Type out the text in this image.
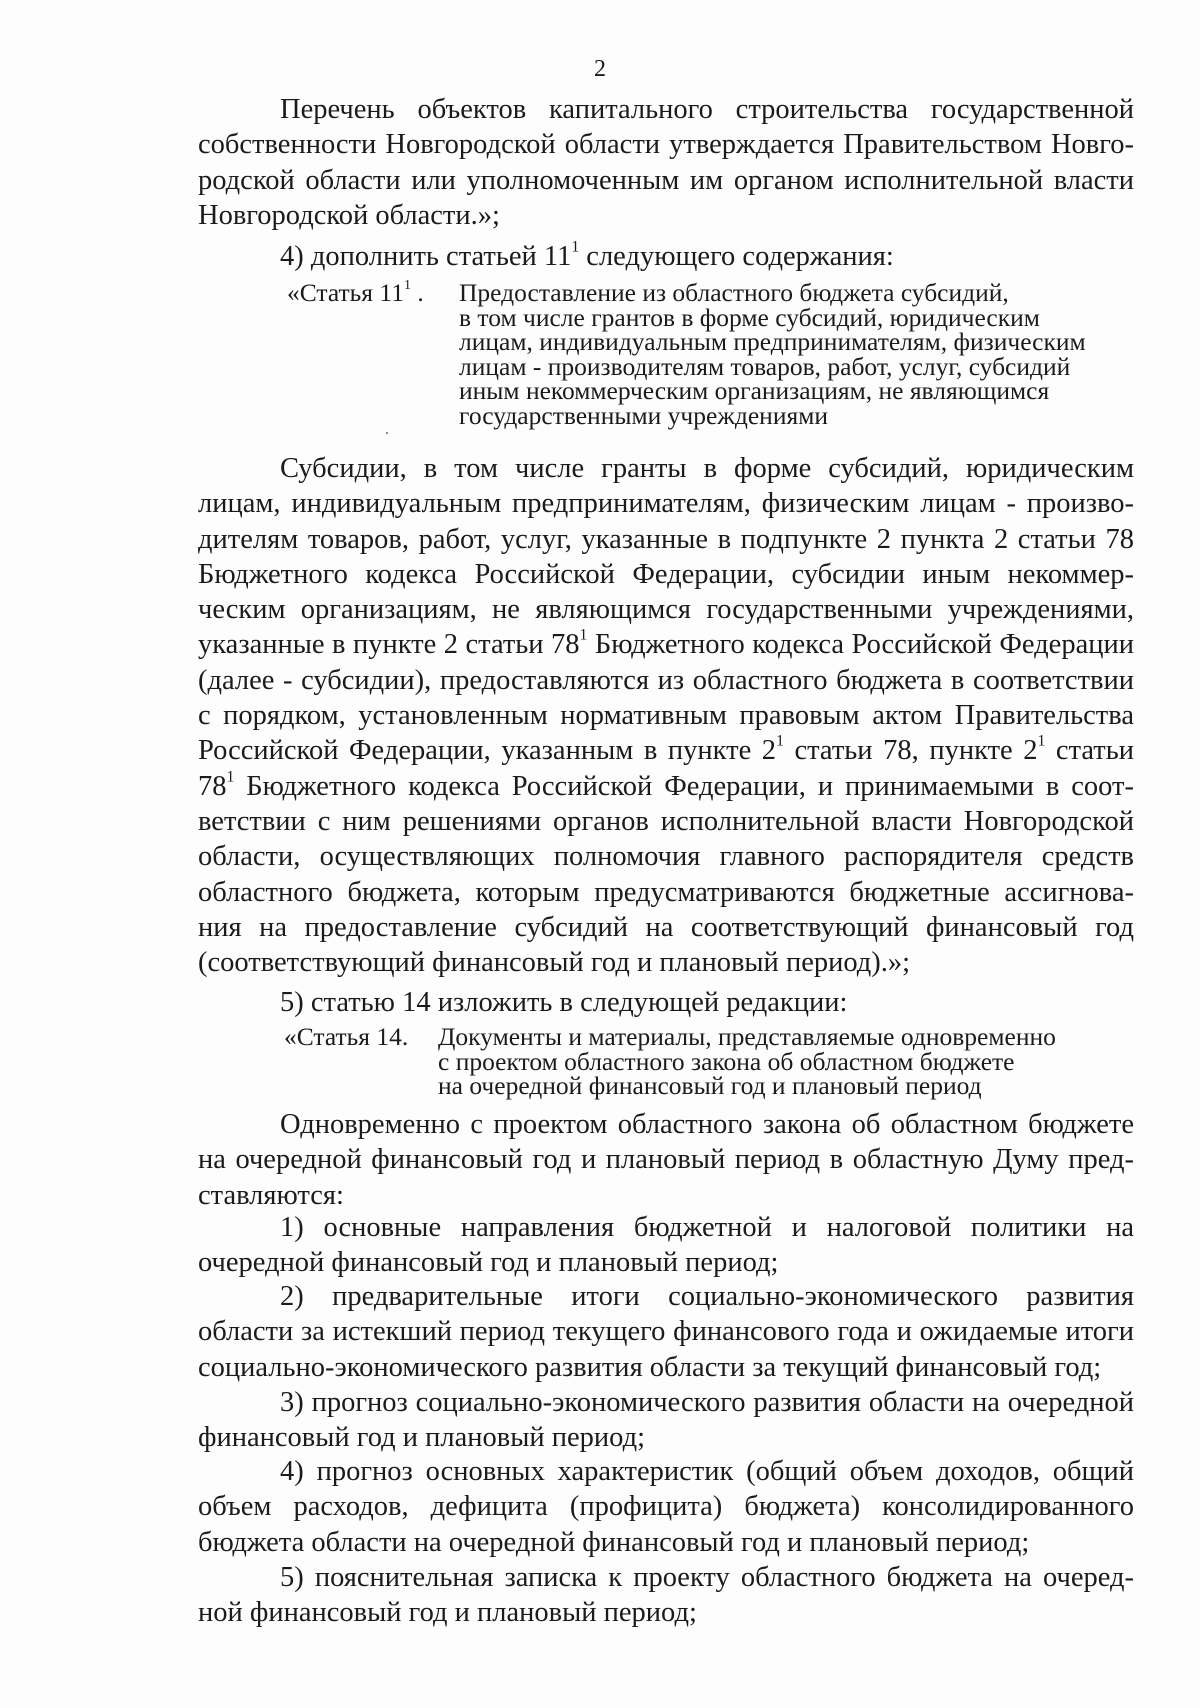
2

Перечень объектов капитального строительства государственной
собственности Новгородской области утверждается Правительством Новго-
родской области или уполномоченным им органом исполнительной власти
Новгородской области.»;

4) дополнить статьей $11^1$ следующего содержания:

«Статья $11^1$ . Предоставление из областного бюджета субсидий,
в том числе грантов в форме субсидий, юридическим
лицам, индивидуальным предпринимателям, физическим
лицам - производителям товаров, работ, услуг, субсидий
иным некоммерческим организациям, не являющимся
государственными учреждениями

Субсидии, в том числе гранты в форме субсидий, юридическим
лицам, индивидуальным предпринимателям, физическим лицам - произво-
дителям товаров, работ, услуг, указанные в подпункте 2 пункта 2 статьи 78
Бюджетного кодекса Российской Федерации, субсидии иным некоммер-
ческим организациям, не являющимся государственными учреждениями,
указанные в пункте 2 статьи $78^1$ Бюджетного кодекса Российской Федерации
(далее - субсидии), предоставляются из областного бюджета в соответствии
с порядком, установленным нормативным правовым актом Правительства
Российской Федерации, указанным в пункте $2^1$ статьи 78, пункте $2^1$ статьи
$78^1$ Бюджетного кодекса Российской Федерации, и принимаемыми в соот-
ветствии с ним решениями органов исполнительной власти Новгородской
области, осуществляющих полномочия главного распорядителя средств
областного бюджета, которым предусматриваются бюджетные ассигнова-
ния на предоставление субсидий на соответствующий финансовый год
(соответствующий финансовый год и плановый период).»;

5) статью 14 изложить в следующей редакции:

«Статья 14. Документы и материалы, представляемые одновременно
с проектом областного закона об областном бюджете
на очередной финансовый год и плановый период

Одновременно с проектом областного закона об областном бюджете
на очередной финансовый год и плановый период в областную Думу пред-
ставляются:

1) основные направления бюджетной и налоговой политики на
очередной финансовый год и плановый период;

2) предварительные итоги социально-экономического развития
области за истекший период текущего финансового года и ожидаемые итоги
социально-экономического развития области за текущий финансовый год;

3) прогноз социально-экономического развития области на очередной
финансовый год и плановый период;

4) прогноз основных характеристик (общий объем доходов, общий
объем расходов, дефицита (профицита) бюджета) консолидированного
бюджета области на очередной финансовый год и плановый период;

5) пояснительная записка к проекту областного бюджета на очеред-
ной финансовый год и плановый период;
